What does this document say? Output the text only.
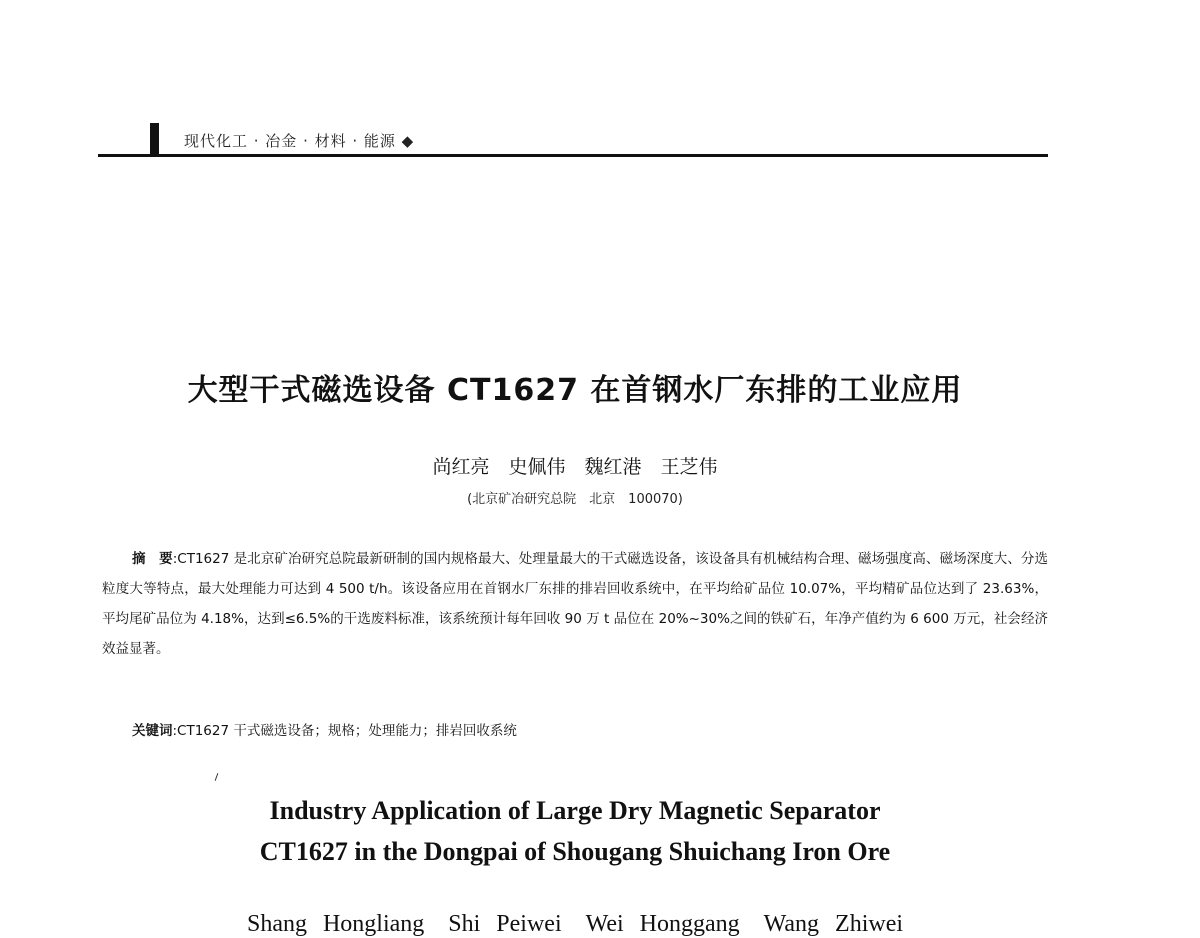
现代化工 · 冶金 · 材料 · 能源 ◆
大型干式磁选设备 CT1627 在首钢水厂东排的工业应用
尚红亮　史佩伟　魏红港　王芝伟
(北京矿冶研究总院　北京　100070)

摘　要:CT1627 是北京矿冶研究总院最新研制的国内规格最大、处理量最大的干式磁选设备，该设备具有机械结构合理、磁场强度高、磁场深度大、分选粒度大等特点，最大处理能力可达到 4 500 t/h。该设备应用在首钢水厂东排的排岩回收系统中，在平均给矿品位 10.07%，平均精矿品位达到了 23.63%，平均尾矿品位为 4.18%，达到≤6.5%的干选废料标准，该系统预计每年回收 90 万 t 品位在 20%~30%之间的铁矿石，年净产值约为 6 600 万元，社会经济效益显著。

关键词:CT1627 干式磁选设备；规格；处理能力；排岩回收系统
Industry Application of Large Dry Magnetic Separator
CT1627 in the Dongpai of Shougang Shuichang Iron Ore
Shang Hongliang　Shi Peiwei　Wei Honggang　Wang Zhiwei
